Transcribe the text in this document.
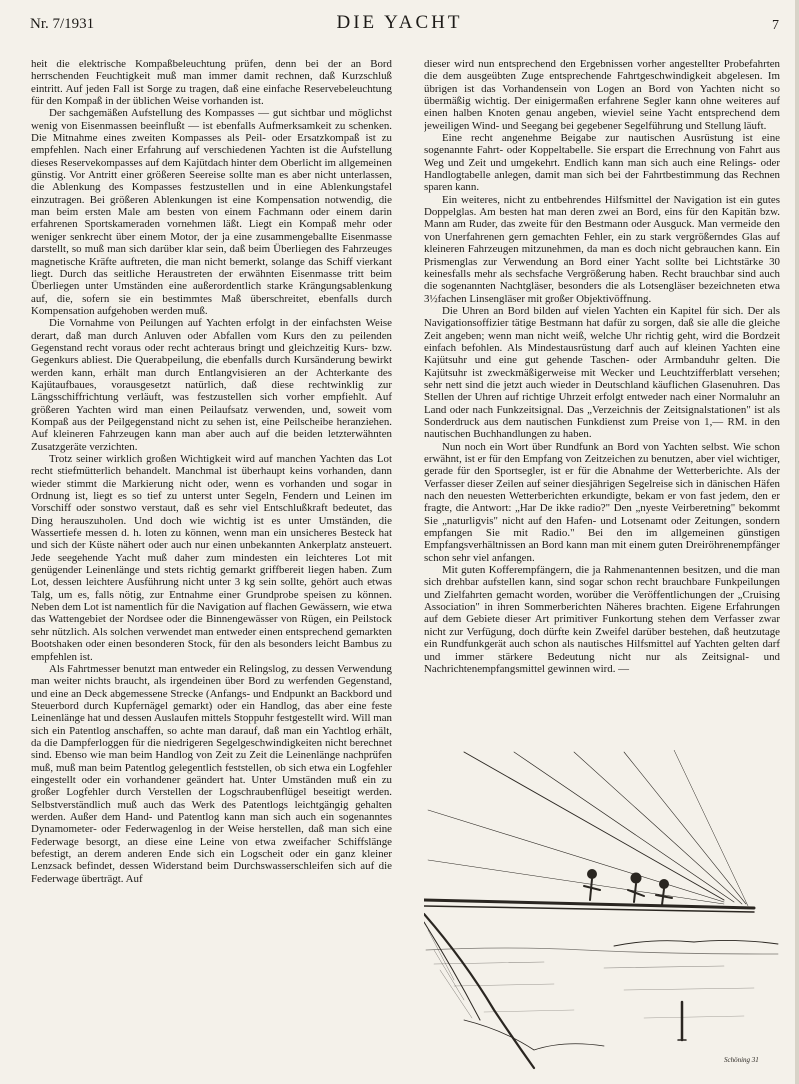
Nr. 7/1931	DIE YACHT	7

heit die elektrische Kompaßbeleuchtung prüfen, denn bei der an Bord herrschenden Feuchtigkeit muß man immer damit rechnen, daß Kurzschluß eintritt. Auf jeden Fall ist Sorge zu tragen, daß eine einfache Reservebeleuchtung für den Kompaß in der üblichen Weise vorhanden ist.

Der sachgemäßen Aufstellung des Kompasses — gut sichtbar und möglichst wenig von Eisenmassen beeinflußt — ist ebenfalls Aufmerksamkeit zu schenken. Die Mitnahme eines zweiten Kompasses als Peil- oder Ersatzkompaß ist zu empfehlen. Nach einer Erfahrung auf verschiedenen Yachten ist die Aufstellung dieses Reservekompasses auf dem Kajütdach hinter dem Oberlicht im allgemeinen günstig. Vor Antritt einer größeren Seereise sollte man es aber nicht unterlassen, die Ablenkung des Kompasses festzustellen und in eine Ablenkungstafel einzutragen. Bei größeren Ablenkungen ist eine Kompensation notwendig, die man beim ersten Male am besten von einem Fachmann oder einem darin erfahrenen Sportskameraden vornehmen läßt. Liegt ein Kompaß mehr oder weniger senkrecht über einem Motor, der ja eine zusammengeballte Eisenmasse darstellt, so muß man sich darüber klar sein, daß beim Überliegen des Fahrzeuges magnetische Kräfte auftreten, die man nicht bemerkt, solange das Schiff vierkant liegt. Durch das seitliche Heraustreten der erwähnten Eisenmasse tritt beim Überliegen unter Umständen eine außerordentlich starke Krängungsablenkung auf, die, sofern sie ein bestimmtes Maß überschreitet, ebenfalls durch Kompensation aufgehoben werden muß.

Die Vornahme von Peilungen auf Yachten erfolgt in der einfachsten Weise derart, daß man durch Anluven oder Abfallen vom Kurs den zu peilenden Gegenstand recht voraus oder recht achteraus bringt und gleichzeitig Kurs- bzw. Gegenkurs abliest. Die Querabpeilung, die ebenfalls durch Kursänderung bewirkt werden kann, erhält man durch Entlangvisieren an der Achterkante des Kajütaufbaues, vorausgesetzt natürlich, daß diese rechtwinklig zur Längsschiffrichtung verläuft, was festzustellen sich vorher empfiehlt. Auf größeren Yachten wird man einen Peilaufsatz verwenden, und, soweit vom Kompaß aus der Peilgegenstand nicht zu sehen ist, eine Peilscheibe heranziehen. Auf kleineren Fahrzeugen kann man aber auch auf die beiden letzterwähnten Zusatzgeräte verzichten.

Trotz seiner wirklich großen Wichtigkeit wird auf manchen Yachten das Lot recht stiefmütterlich behandelt. Manchmal ist überhaupt keins vorhanden, dann wieder stimmt die Markierung nicht oder, wenn es vorhanden und sogar in Ordnung ist, liegt es so tief zu unterst unter Segeln, Fendern und Leinen im Vorschiff oder sonstwo verstaut, daß es sehr viel Entschlußkraft bedeutet, das Ding herauszuholen. Und doch wie wichtig ist es unter Umständen, die Wassertiefe messen d. h. loten zu können, wenn man ein unsicheres Besteck hat und sich der Küste nähert oder auch nur einen unbekannten Ankerplatz ansteuert. Jede seegehende Yacht muß daher zum mindesten ein leichteres Lot mit genügender Leinenlänge und stets richtig gemarkt griffbereit liegen haben. Zum Lot, dessen leichtere Ausführung nicht unter 3 kg sein sollte, gehört auch etwas Talg, um es, falls nötig, zur Entnahme einer Grundprobe speisen zu können. Neben dem Lot ist namentlich für die Navigation auf flachen Gewässern, wie etwa das Wattengebiet der Nordsee oder die Binnengewässer von Rügen, ein Peilstock sehr nützlich. Als solchen verwendet man entweder einen entsprechend gemarkten Bootshaken oder einen besonderen Stock, für den als besonders leicht Bambus zu empfehlen ist.

Als Fahrtmesser benutzt man entweder ein Relingslog, zu dessen Verwendung man weiter nichts braucht, als irgendeinen über Bord zu werfenden Gegenstand, und eine an Deck abgemessene Strecke (Anfangs- und Endpunkt an Backbord und Steuerbord durch Kupfernägel gemarkt) oder ein Handlog, das aber eine feste Leinenlänge hat und dessen Auslaufen mittels Stoppuhr festgestellt wird. Will man sich ein Patentlog anschaffen, so achte man darauf, daß man ein Yachtlog erhält, da die Dampferloggen für die niedrigeren Segelgeschwindigkeiten nicht berechnet sind. Ebenso wie man beim Handlog von Zeit zu Zeit die Leinenlänge nachprüfen muß, muß man beim Patentlog gelegentlich feststellen, ob sich etwa ein Logfehler eingestellt oder ein vorhandener geändert hat. Unter Umständen muß ein zu großer Logfehler durch Verstellen der Logschraubenflügel beseitigt werden. Selbstverständlich muß auch das Werk des Patentlogs leichtgängig gehalten werden. Außer dem Hand- und Patentlog kann man sich auch ein sogenanntes Dynamometer- oder Federwagenlog in der Weise herstellen, daß man sich eine Federwage besorgt, an diese eine Leine von etwa zweifacher Schiffslänge befestigt, an derem anderen Ende sich ein Logscheit oder ein ganz kleiner Lenzsack befindet, dessen Widerstand beim Durchswasserschleifen sich auf die Federwage überträgt. Auf

dieser wird nun entsprechend den Ergebnissen vorher angestellter Probefahrten die dem ausgeübten Zuge entsprechende Fahrtgeschwindigkeit abgelesen. Im übrigen ist das Vorhandensein von Logen an Bord von Yachten nicht so übermäßig wichtig. Der einigermaßen erfahrene Segler kann ohne weiteres auf einen halben Knoten genau angeben, wieviel seine Yacht entsprechend dem jeweiligen Wind- und Seegang bei gegebener Segelführung und Stellung läuft.

Eine recht angenehme Beigabe zur nautischen Ausrüstung ist eine sogenannte Fahrt- oder Koppeltabelle. Sie erspart die Errechnung von Fahrt aus Weg und Zeit und umgekehrt. Endlich kann man sich auch eine Relings- oder Handlogtabelle anlegen, damit man sich bei der Fahrtbestimmung das Rechnen sparen kann.

Ein weiteres, nicht zu entbehrendes Hilfsmittel der Navigation ist ein gutes Doppelglas. Am besten hat man deren zwei an Bord, eins für den Kapitän bzw. Mann am Ruder, das zweite für den Bestmann oder Ausguck. Man vermeide den von Unerfahrenen gern gemachten Fehler, ein zu stark vergrößerndes Glas auf kleineren Fahrzeugen mitzunehmen, da man es doch nicht gebrauchen kann. Ein Prismenglas zur Verwendung an Bord einer Yacht sollte bei Lichtstärke 30 keinesfalls mehr als sechsfache Vergrößerung haben. Recht brauchbar sind auch die sogenannten Nachtgläser, besonders die als Lotsengläser bezeichneten etwa 3½fachen Linsengläser mit großer Objektivöffnung.

Die Uhren an Bord bilden auf vielen Yachten ein Kapitel für sich. Der als Navigationsoffizier tätige Bestmann hat dafür zu sorgen, daß sie alle die gleiche Zeit angeben; wenn man nicht weiß, welche Uhr richtig geht, wird die Bordzeit einfach befohlen. Als Mindestausrüstung darf auch auf kleinen Yachten eine Kajütsuhr und eine gut gehende Taschen- oder Armbanduhr gelten. Die Kajütsuhr ist zweckmäßigerweise mit Wecker und Leuchtzifferblatt versehen; sehr nett sind die jetzt auch wieder in Deutschland käuflichen Glasenuhren. Das Stellen der Uhren auf richtige Uhrzeit erfolgt entweder nach einer Normaluhr an Land oder nach Funkzeitsignal. Das „Verzeichnis der Zeitsignalstationen" ist als Sonderdruck aus dem nautischen Funkdienst zum Preise von 1,— RM. in den nautischen Buchhandlungen zu haben.

Nun noch ein Wort über Rundfunk an Bord von Yachten selbst. Wie schon erwähnt, ist er für den Empfang von Zeitzeichen zu benutzen, aber viel wichtiger, gerade für den Sportsegler, ist er für die Abnahme der Wetterberichte. Als der Verfasser dieser Zeilen auf seiner diesjährigen Segelreise sich in dänischen Häfen nach den neuesten Wetterberichten erkundigte, bekam er von fast jedem, den er fragte, die Antwort: „Har De ikke radio?" Den „nyeste Veirberetning" bekommt Sie „naturligvis" nicht auf den Hafen- und Lotsenamt oder Zeitungen, sondern empfangen Sie mit Radio." Bei den im allgemeinen günstigen Empfangsverhältnissen an Bord kann man mit einem guten Dreiröhrenempfänger schon sehr viel anfangen.

Mit guten Kofferempfängern, die ja Rahmenantennen besitzen, und die man sich drehbar aufstellen kann, sind sogar schon recht brauchbare Funkpeilungen und Zielfahrten gemacht worden, worüber die Veröffentlichungen der „Cruising Association" in ihren Sommerberichten Näheres brachten. Eigene Erfahrungen auf dem Gebiete dieser Art primitiver Funkortung stehen dem Verfasser zwar nicht zur Verfügung, doch dürfte kein Zweifel darüber bestehen, daß heutzutage ein Rundfunkgerät auch schon als nautisches Hilfsmittel auf Yachten gelten darf und immer stärkere Bedeutung nicht nur als Zeitsignal- und Nachrichtenempfangsmittel gewinnen wird. —

Schöning 31
